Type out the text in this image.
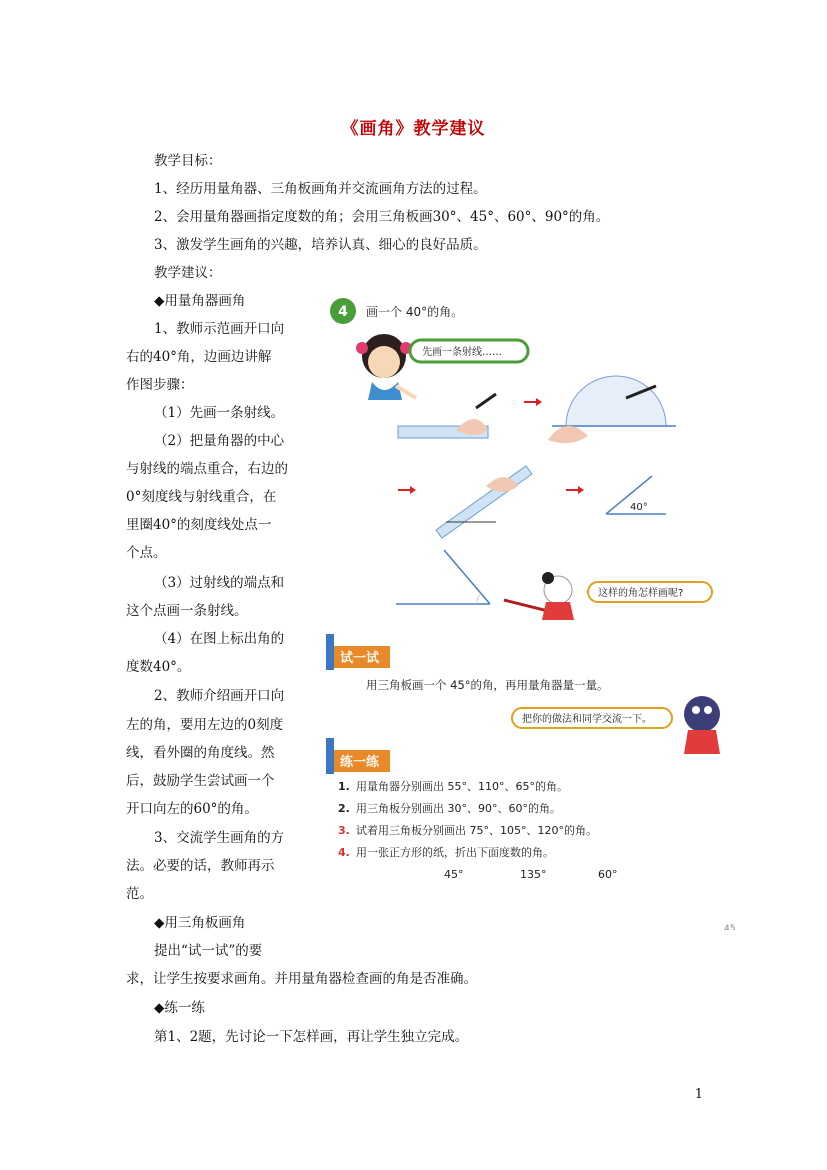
《画角》教学建议
教学目标：
1、经历用量角器、三角板画角并交流画角方法的过程。
2、会用量角器画指定度数的角；会用三角板画30°、45°、60°、90°的角。
3、激发学生画角的兴趣，培养认真、细心的良好品质。
教学建议：
◆用量角器画角
1、教师示范画开口向
右的40°角，边画边讲解
作图步骤：
（1）先画一条射线。
（2）把量角器的中心
与射线的端点重合，右边的
0°刻度线与射线重合，在
里圈40°的刻度线处点一
个点。
（3）过射线的端点和
这个点画一条射线。
（4）在图上标出角的
度数40°。
2、教师介绍画开口向
左的角，要用左边的0刻度
线，看外圈的角度线。然
后，鼓励学生尝试画一个
开口向左的60°的角。
3、交流学生画角的方
法。必要的话，教师再示
范。
◆用三角板画角
提出“试一试”的要
求，让学生按要求画角。并用量角器检查画的角是否准确。
◆练一练
第1、2题，先讨论一下怎样画，再让学生独立完成。
4 画一个 40°的角。
先画一条射线……
40°
这样的角怎样画呢?
试一试
用三角板画一个 45°的角，再用量角器量一量。
把你的做法和同学交流一下。
练一练
1. 用量角器分别画出 55°、110°、65°的角。
2. 用三角板分别画出 30°、90°、60°的角。
3. 试着用三角板分别画出 75°、105°、120°的角。
4. 用一张正方形的纸，折出下面度数的角。
45°	135°	60°
45
1
